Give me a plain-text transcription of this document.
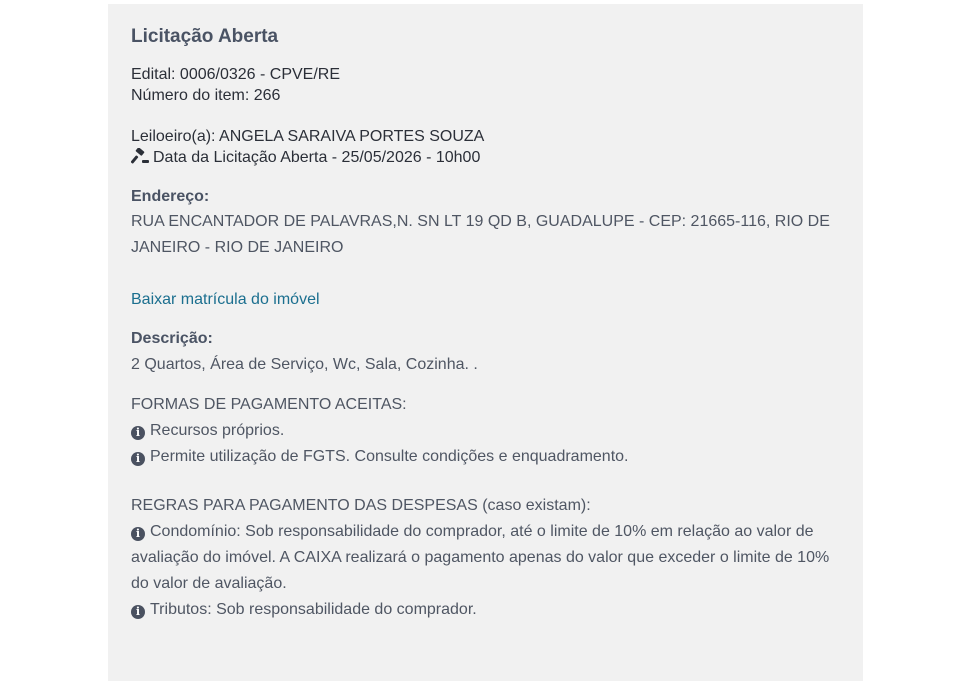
Licitação Aberta

Edital: 0006/0326 - CPVE/RE

Número do item: 266

Leiloeiro(a): ANGELA SARAIVA PORTES SOUZA

Data da Licitação Aberta - 25/05/2026 - 10h00

Endereço:
RUA ENCANTADOR DE PALAVRAS,N. SN LT 19 QD B, GUADALUPE - CEP: 21665-116, RIO DE JANEIRO - RIO DE JANEIRO
Baixar matrícula do imóvel
Descrição:
2 Quartos, Área de Serviço, Wc, Sala, Cozinha. .
FORMAS DE PAGAMENTO ACEITAS:
i Recursos próprios.
i Permite utilização de FGTS. Consulte condições e enquadramento.
REGRAS PARA PAGAMENTO DAS DESPESAS (caso existam):
i Condomínio: Sob responsabilidade do comprador, até o limite de 10% em relação ao valor de avaliação do imóvel. A CAIXA realizará o pagamento apenas do valor que exceder o limite de 10% do valor de avaliação.
i Tributos: Sob responsabilidade do comprador.
